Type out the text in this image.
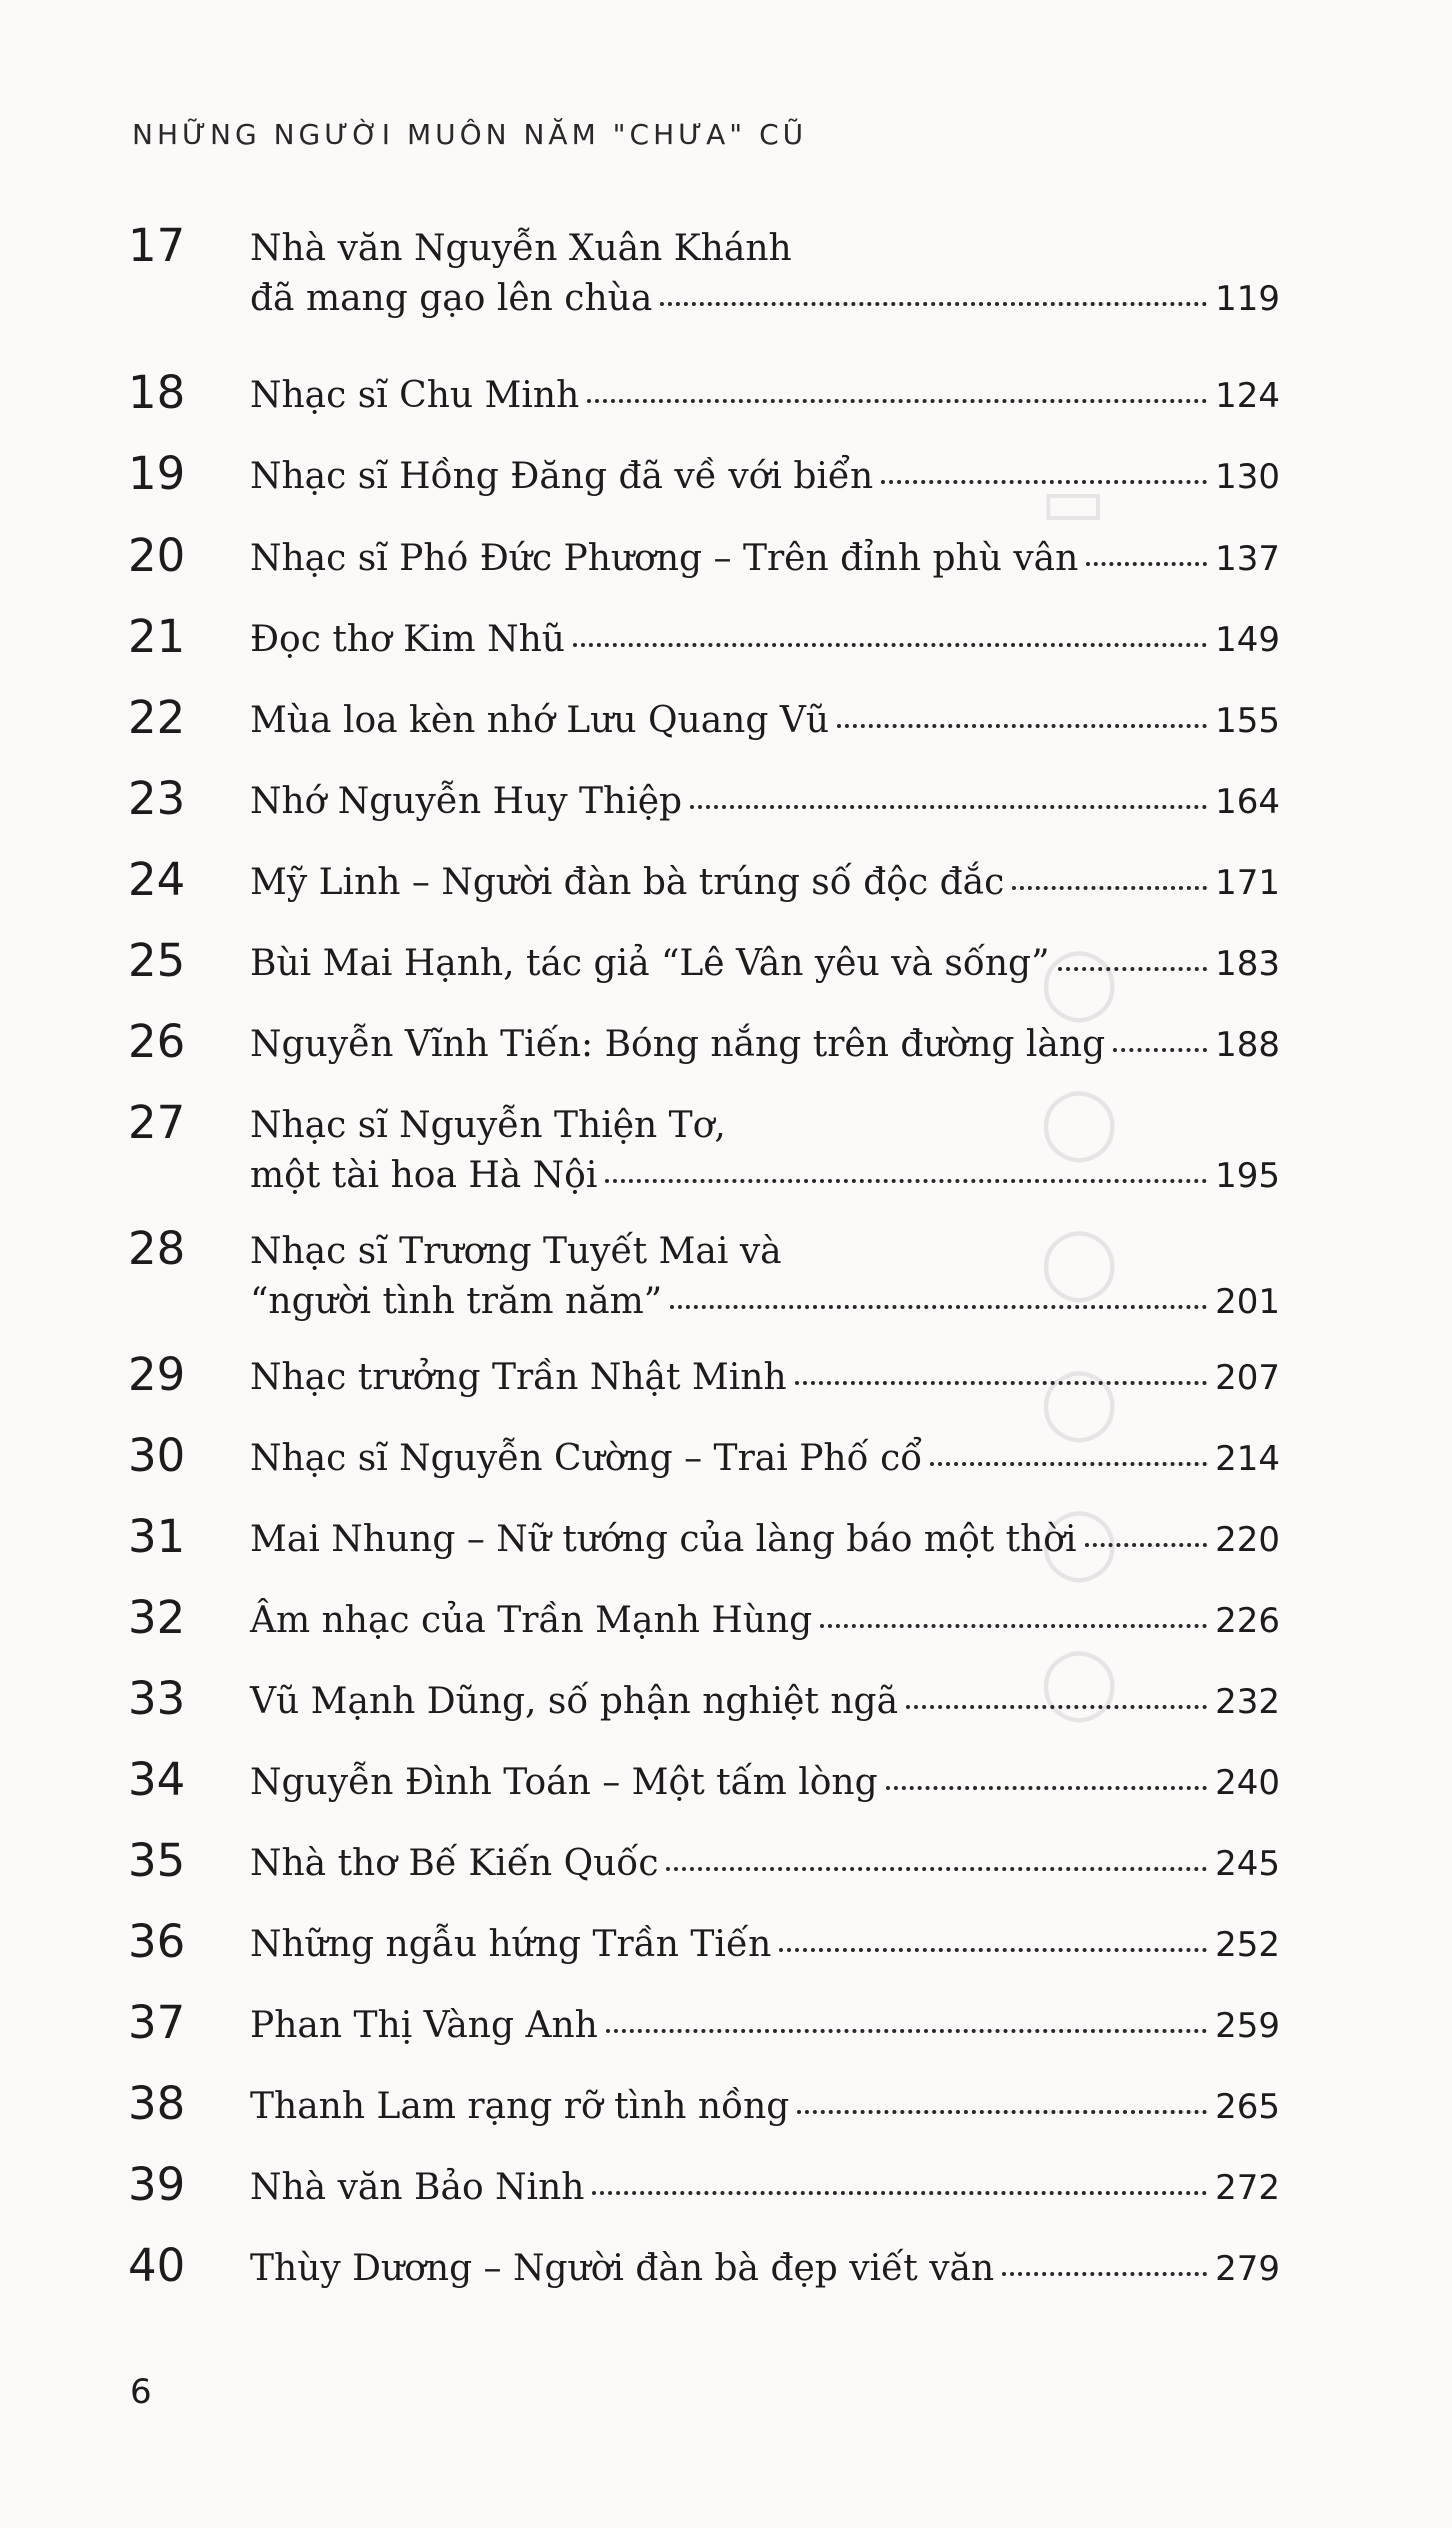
NHỮNG NGƯỜI MUÔN NĂM "CHƯA" CŨ
▭
◯
◯
◯
◯
◯
◯
17 Nhà văn Nguyễn Xuân Khánh
đã mang gạo lên chùa	119
18 Nhạc sĩ Chu Minh	124
19 Nhạc sĩ Hồng Đăng đã về với biển	130
20 Nhạc sĩ Phó Đức Phương – Trên đỉnh phù vân	137
21 Đọc thơ Kim Nhũ	149
22 Mùa loa kèn nhớ Lưu Quang Vũ	155
23 Nhớ Nguyễn Huy Thiệp	164
24 Mỹ Linh – Người đàn bà trúng số độc đắc	171
25 Bùi Mai Hạnh, tác giả “Lê Vân yêu và sống”	183
26 Nguyễn Vĩnh Tiến: Bóng nắng trên đường làng	188
27 Nhạc sĩ Nguyễn Thiện Tơ,
một tài hoa Hà Nội	195
28 Nhạc sĩ Trương Tuyết Mai và
“người tình trăm năm”	201
29 Nhạc trưởng Trần Nhật Minh	207
30 Nhạc sĩ Nguyễn Cường – Trai Phố cổ	214
31 Mai Nhung – Nữ tướng của làng báo một thời	220
32 Âm nhạc của Trần Mạnh Hùng	226
33 Vũ Mạnh Dũng, số phận nghiệt ngã	232
34 Nguyễn Đình Toán – Một tấm lòng	240
35 Nhà thơ Bế Kiến Quốc	245
36 Những ngẫu hứng Trần Tiến	252
37 Phan Thị Vàng Anh	259
38 Thanh Lam rạng rỡ tình nồng	265
39 Nhà văn Bảo Ninh	272
40 Thùy Dương – Người đàn bà đẹp viết văn	279
6
